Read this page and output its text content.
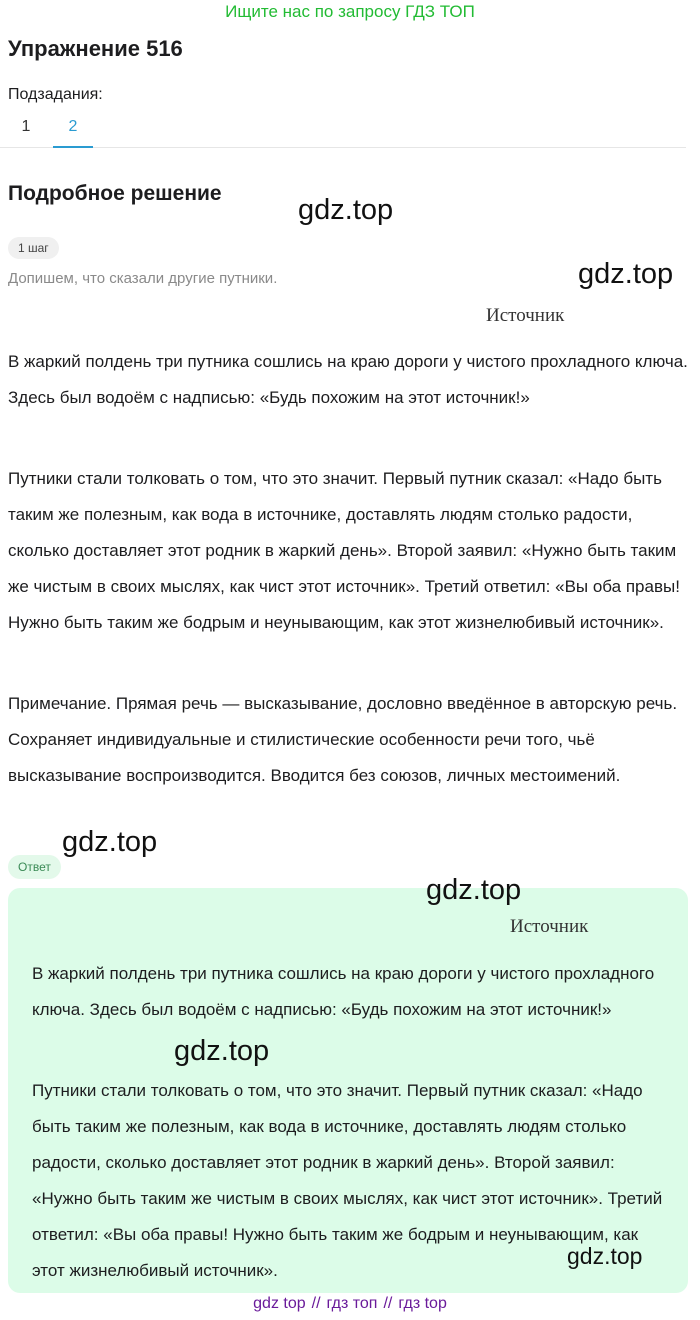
Ищите нас по запросу ГДЗ ТОП
Упражнение 516
Подзадания:
1	2
Подробное решение
1 шаг
Допишем, что сказали другие путники.
Источник
В жаркий полдень три путника сошлись на краю дороги у чистого прохладного ключа. Здесь был водоём с надписью: «Будь похожим на этот источник!»
Путники стали толковать о том, что это значит. Первый путник сказал: «Надо быть таким же полезным, как вода в источнике, доставлять людям столько радости, сколько доставляет этот родник в жаркий день». Второй заявил: «Нужно быть таким же чистым в своих мыслях, как чист этот источник». Третий ответил: «Вы оба правы! Нужно быть таким же бодрым и неунывающим, как этот жизнелюбивый источник».
Примечание. Прямая речь — высказывание, дословно введённое в авторскую речь. Сохраняет индивидуальные и стилистические особенности речи того, чьё высказывание воспроизводится. Вводится без союзов, личных местоимений.
Ответ
Источник
В жаркий полдень три путника сошлись на краю дороги у чистого прохладного ключа. Здесь был водоём с надписью: «Будь похожим на этот источник!»
Путники стали толковать о том, что это значит. Первый путник сказал: «Надо быть таким же полезным, как вода в источнике, доставлять людям столько радости, сколько доставляет этот родник в жаркий день». Второй заявил: «Нужно быть таким же чистым в своих мыслях, как чист этот источник». Третий ответил: «Вы оба правы! Нужно быть таким же бодрым и неунывающим, как этот жизнелюбивый источник».
gdz.top
gdz.top
gdz.top
gdz.top
gdz.top
gdz.top
gdz top // гдз топ // гдз top
